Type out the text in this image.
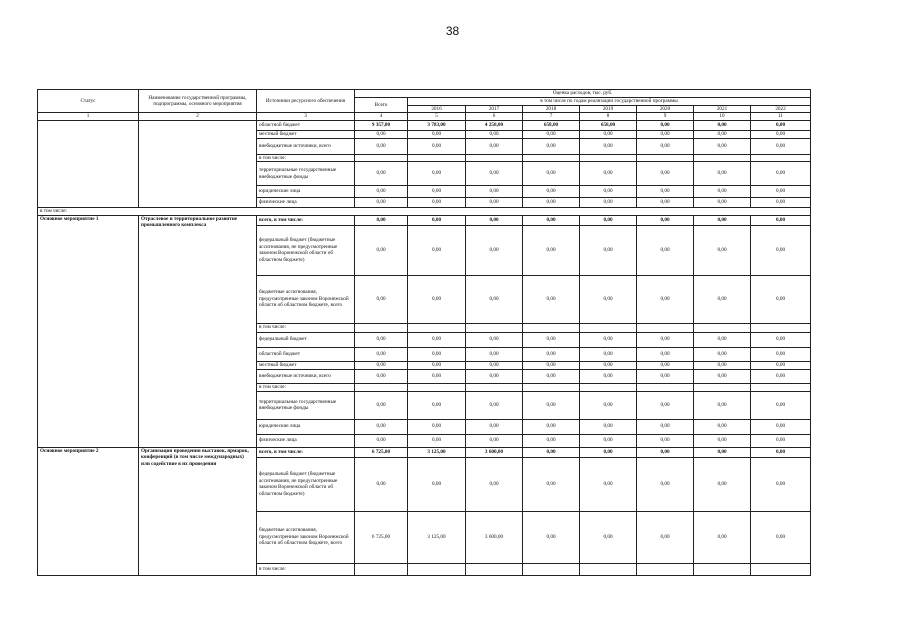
38
Статус	Наименование государственной программы, подпрограммы, основного мероприятия	Источники ресурсного обеспечения	Оценка расходов, тыс. руб.							
			Всего	в том числе по годам реализации государственной программы						
				2016	2017	2018	2019	2020	2021	2022
1	2	3	4	5	6	7	8	9	10	11
		областной бюджет	9 357,00	3 783,00	4 258,00	658,00	658,00	0,00	0,00	0,00
		местный бюджет	0,00	0,00	0,00	0,00	0,00	0,00	0,00	0,00
		внебюджетные источники, всего	0,00	0,00	0,00	0,00	0,00	0,00	0,00	0,00
		в том числе:								
		территориальные государственные внебюджетные фонды	0,00	0,00	0,00	0,00	0,00	0,00	0,00	0,00
		юридические лица	0,00	0,00	0,00	0,00	0,00	0,00	0,00	0,00
		физические лица	0,00	0,00	0,00	0,00	0,00	0,00	0,00	0,00
в том числе:										
Основное мероприятие 1	Отраслевое и территориальное развитие промышленного комплекса	всего, в том числе:	0,00	0,00	0,00	0,00	0,00	0,00	0,00	0,00
		федеральный бюджет (бюджетные ассигнования, не предусмотренные законом Воронежской области об областном бюджете)	0,00	0,00	0,00	0,00	0,00	0,00	0,00	0,00
		бюджетные ассигнования, предусмотренные законом Воронежской области об областном бюджете, всего	0,00	0,00	0,00	0,00	0,00	0,00	0,00	0,00
		в том числе:								
		федеральный бюджет	0,00	0,00	0,00	0,00	0,00	0,00	0,00	0,00
		областной бюджет	0,00	0,00	0,00	0,00	0,00	0,00	0,00	0,00
		местный бюджет	0,00	0,00	0,00	0,00	0,00	0,00	0,00	0,00
		внебюджетные источники, всего	0,00	0,00	0,00	0,00	0,00	0,00	0,00	0,00
		в том числе:								
		территориальные государственные внебюджетные фонды	0,00	0,00	0,00	0,00	0,00	0,00	0,00	0,00
		юридические лица	0,00	0,00	0,00	0,00	0,00	0,00	0,00	0,00
		физические лица	0,00	0,00	0,00	0,00	0,00	0,00	0,00	0,00
Основное мероприятие 2	Организация проведения выставок, ярмарок, конференций (в том числе международных) или содействие в их проведении	всего, в том числе:	6 725,00	3 125,00	3 600,00	0,00	0,00	0,00	0,00	0,00
		федеральный бюджет (бюджетные ассигнования, не предусмотренные законом Воронежской области об областном бюджете)	0,00	0,00	0,00	0,00	0,00	0,00	0,00	0,00
		бюджетные ассигнования, предусмотренные законом Воронежской области об областном бюджете, всего	6 725,00	3 125,00	3 600,00	0,00	0,00	0,00	0,00	0,00
		в том числе:								
